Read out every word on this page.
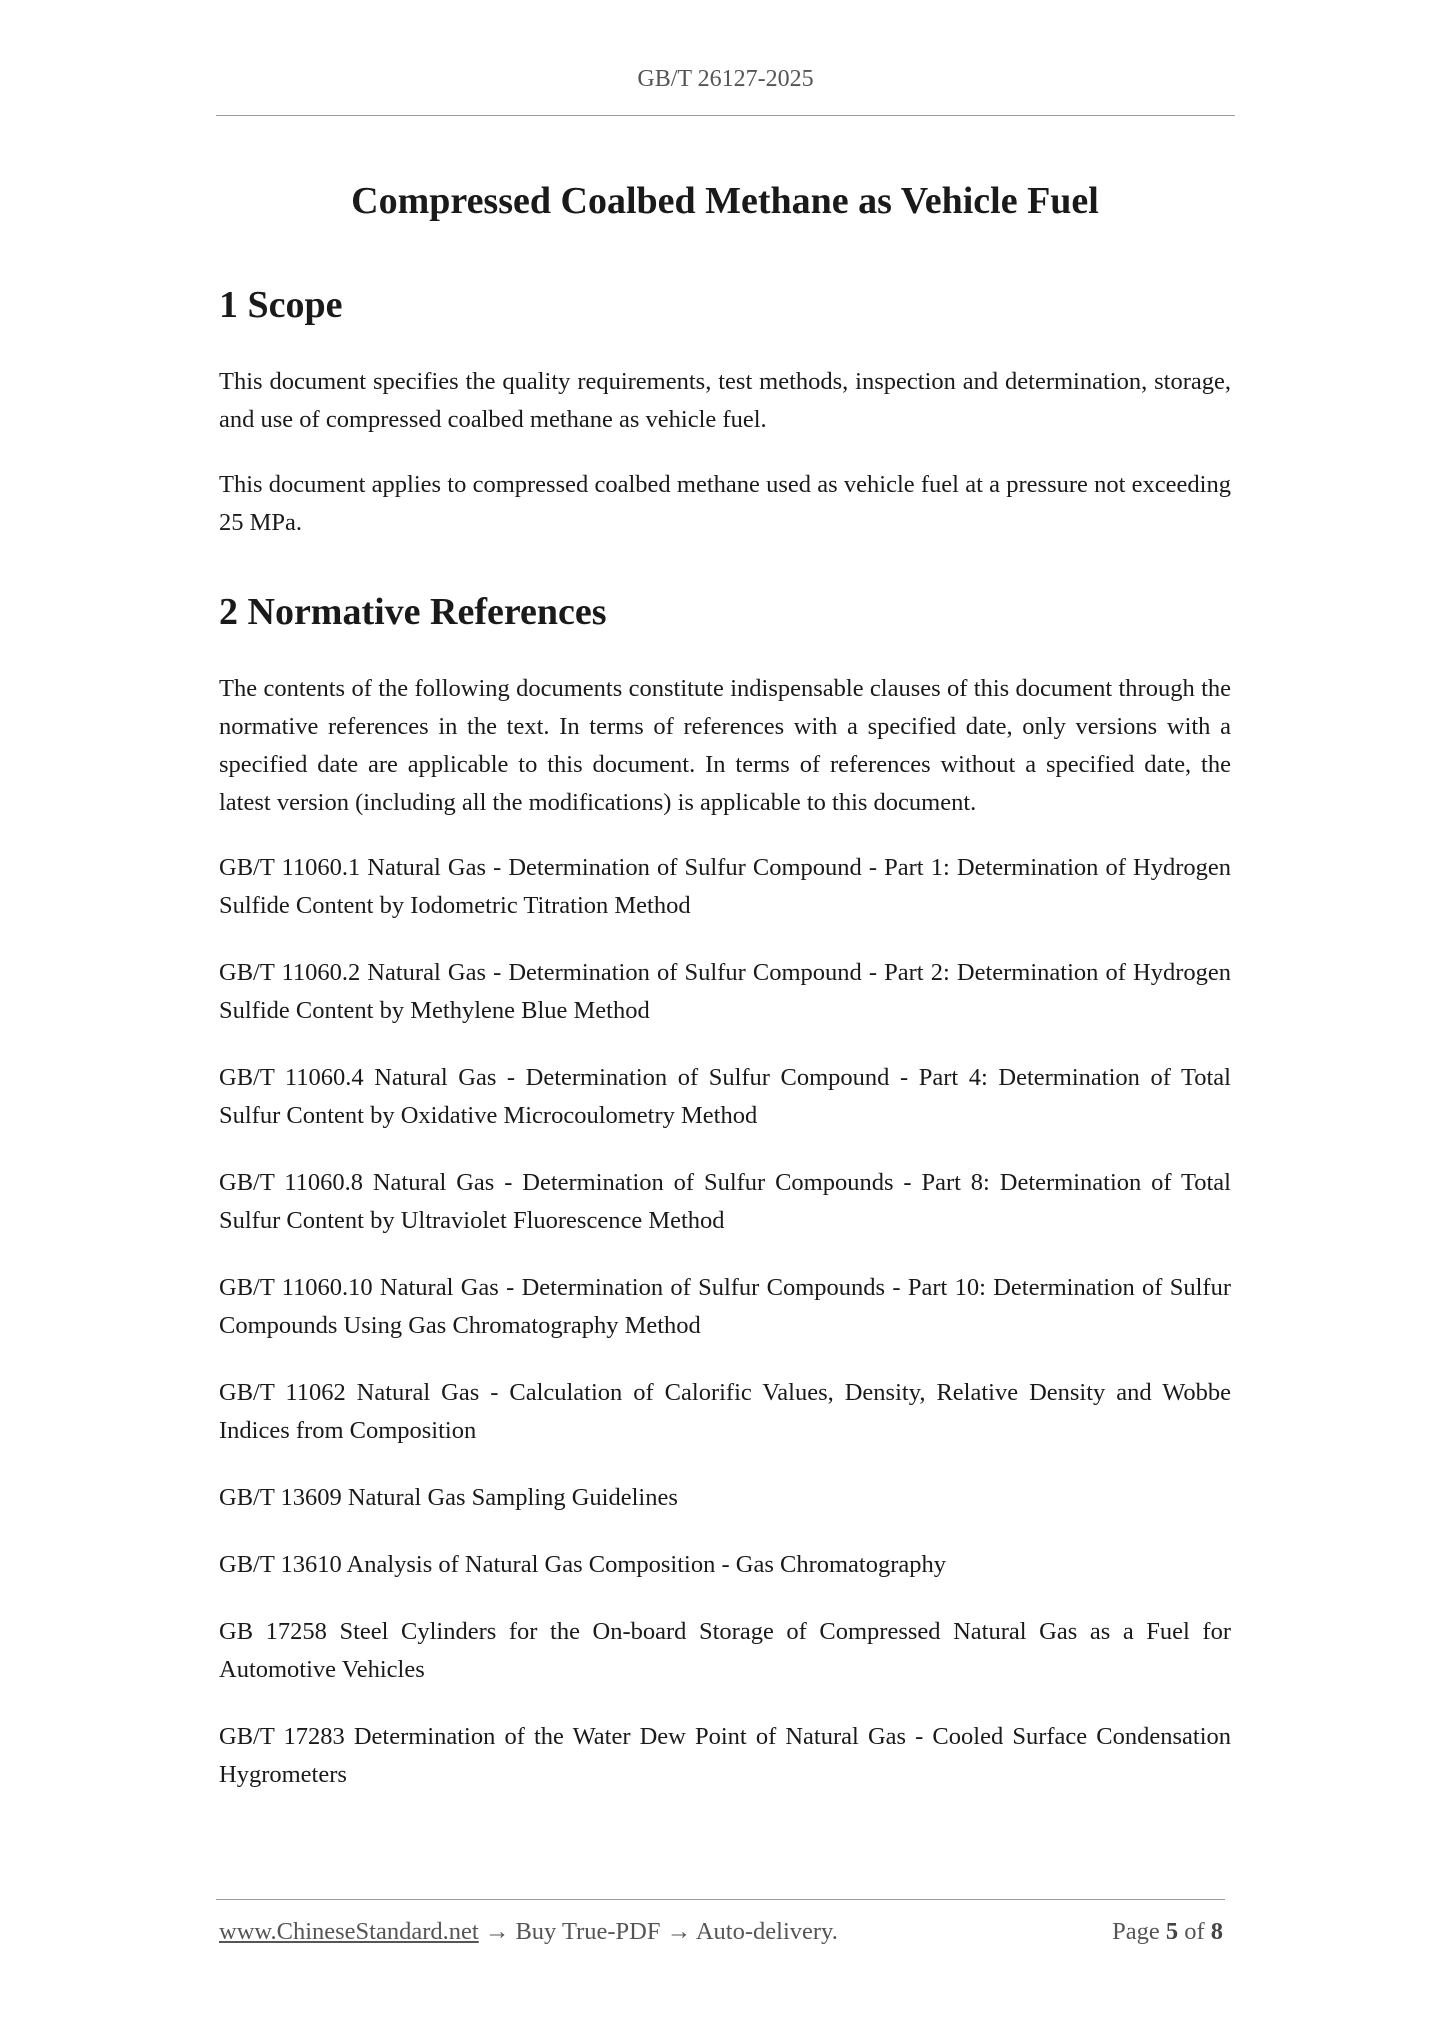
GB/T 26127-2025
Compressed Coalbed Methane as Vehicle Fuel
1 Scope

This document specifies the quality requirements, test methods, inspection and determination, storage, and use of compressed coalbed methane as vehicle fuel.

This document applies to compressed coalbed methane used as vehicle fuel at a pressure not exceeding 25 MPa.

2 Normative References

The contents of the following documents constitute indispensable clauses of this document through the normative references in the text. In terms of references with a specified date, only versions with a specified date are applicable to this document. In terms of references without a specified date, the latest version (including all the modifications) is applicable to this document.

GB/T 11060.1 Natural Gas - Determination of Sulfur Compound - Part 1: Determination of Hydrogen Sulfide Content by Iodometric Titration Method

GB/T 11060.2 Natural Gas - Determination of Sulfur Compound - Part 2: Determination of Hydrogen Sulfide Content by Methylene Blue Method

GB/T 11060.4 Natural Gas - Determination of Sulfur Compound - Part 4: Determination of Total Sulfur Content by Oxidative Microcoulometry Method

GB/T 11060.8 Natural Gas - Determination of Sulfur Compounds - Part 8: Determination of Total Sulfur Content by Ultraviolet Fluorescence Method

GB/T 11060.10 Natural Gas - Determination of Sulfur Compounds - Part 10: Determination of Sulfur Compounds Using Gas Chromatography Method

GB/T 11062 Natural Gas - Calculation of Calorific Values, Density, Relative Density and Wobbe Indices from Composition

GB/T 13609 Natural Gas Sampling Guidelines

GB/T 13610 Analysis of Natural Gas Composition - Gas Chromatography

GB 17258 Steel Cylinders for the On-board Storage of Compressed Natural Gas as a Fuel for Automotive Vehicles

GB/T 17283 Determination of the Water Dew Point of Natural Gas - Cooled Surface Condensation Hygrometers

www.ChineseStandard.net → Buy True-PDF → Auto-delivery.	Page 5 of 8
